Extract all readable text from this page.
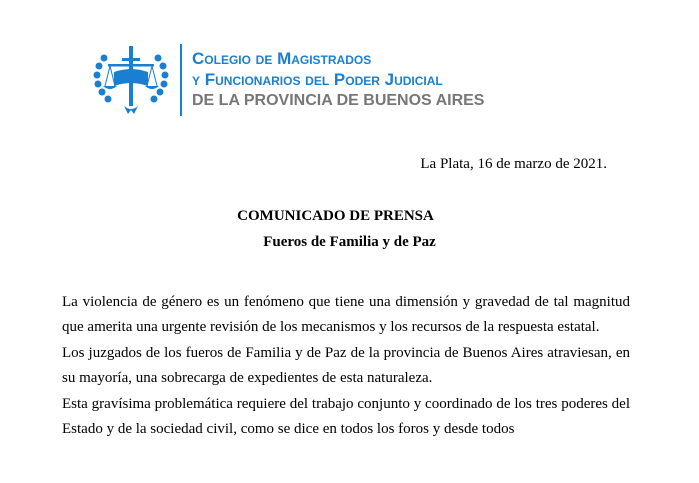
Colegio de Magistrados
y Funcionarios del Poder Judicial
DE LA PROVINCIA DE BUENOS AIRES
La Plata, 16 de marzo de 2021.
COMUNICADO DE PRENSA
Fueros de Familia y de Paz

La violencia de género es un fenómeno que tiene una dimensión y gravedad de tal magnitud que amerita una urgente revisión de los mecanismos y los recursos de la respuesta estatal.

Los juzgados de los fueros de Familia y de Paz de la provincia de Buenos Aires atraviesan, en su mayoría, una sobrecarga de expedientes de esta naturaleza.

Esta gravísima problemática requiere del trabajo conjunto y coordinado de los tres poderes del Estado y de la sociedad civil, como se dice en todos los foros y desde todos
